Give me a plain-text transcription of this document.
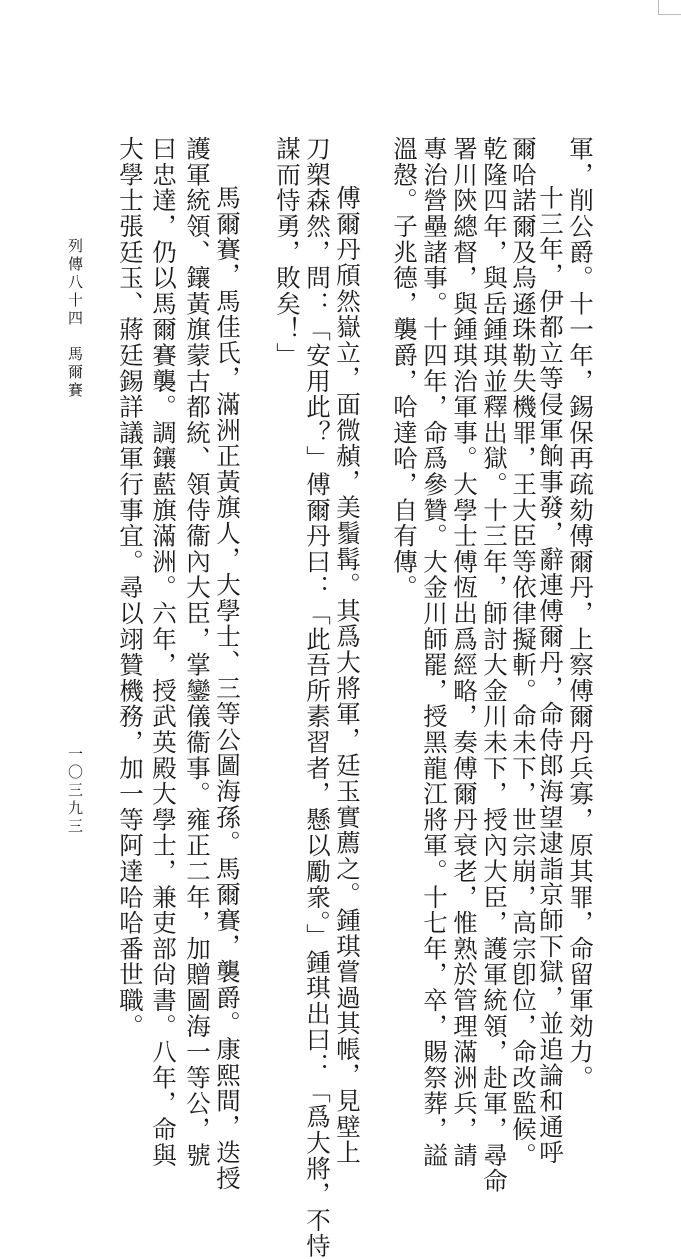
軍，削公爵。十一年，錫保再疏劾傅爾丹，上察傅爾丹兵寡，原其罪，命留軍効力。
十三年，伊都立等侵軍餉事發，辭連傅爾丹，命侍郎海望逮詣京師下獄，並追論和通呼
爾哈諾爾及烏遜珠勒失機罪，王大臣等依律擬斬。命未下，世宗崩，高宗卽位，命改監候。
乾隆四年，與岳鍾琪並釋出獄。十三年，師討大金川未下，授內大臣，護軍統領，赴軍，尋命
署川陝總督，與鍾琪治軍事。大學士傅恆出爲經略，奏傅爾丹衰老，惟熟於管理滿洲兵，請
專治營壘諸事。十四年，命爲參贊。大金川師罷，授黑龍江將軍。十七年，卒，賜祭葬，謚
溫慤。子兆德，襲爵，哈達哈，自有傳。
傅爾丹頎然嶽立，面微赬，美鬚髯。其爲大將軍，廷玉實薦之。鍾琪嘗過其帳，見壁上
刀槊森然，問：「安用此？」傅爾丹曰：「此吾所素習者，懸以勵衆。」鍾琪出曰：「爲大將，不恃
謀而恃勇，敗矣！」
馬爾賽，馬佳氏，滿洲正黃旗人，大學士、三等公圖海孫。馬爾賽，襲爵。康熙間，迭授
護軍統領、鑲黃旗蒙古都統、領侍衞內大臣，掌鑾儀衞事。雍正二年，加贈圖海一等公，號
曰忠達，仍以馬爾賽襲。調鑲藍旗滿洲。六年，授武英殿大學士，兼吏部尙書。八年，命與
大學士張廷玉、蔣廷錫詳議軍行事宜。尋以翊贊機務，加一等阿達哈哈番世職。
列傳八十四　馬爾賽
一〇三九三
